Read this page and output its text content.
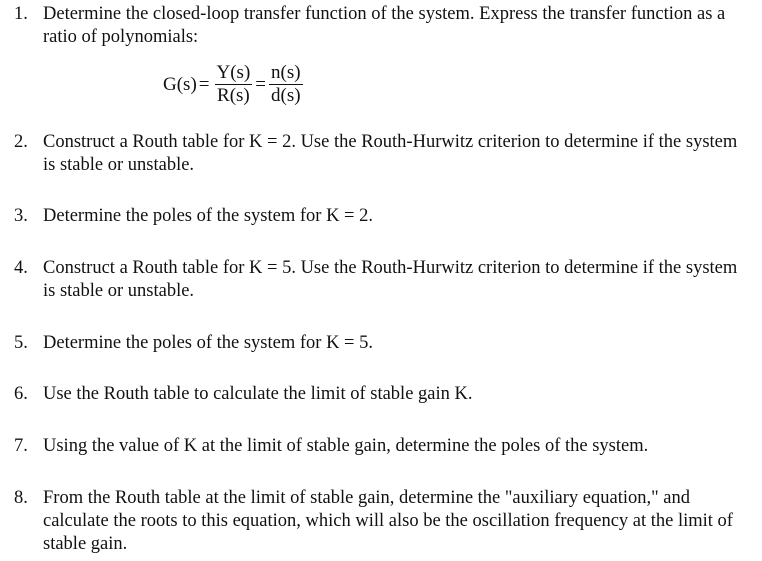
1. Determine the closed-loop transfer function of the system. Express the transfer function as a ratio of polynomials:
$G(s) = \frac{Y(s)}{R(s)} = \frac{n(s)}{d(s)}$
2. Construct a Routh table for K = 2. Use the Routh-Hurwitz criterion to determine if the system is stable or unstable.
3. Determine the poles of the system for K = 2.
4. Construct a Routh table for K = 5. Use the Routh-Hurwitz criterion to determine if the system is stable or unstable.
5. Determine the poles of the system for K = 5.
6. Use the Routh table to calculate the limit of stable gain K.
7. Using the value of K at the limit of stable gain, determine the poles of the system.
8. From the Routh table at the limit of stable gain, determine the "auxiliary equation," and calculate the roots to this equation, which will also be the oscillation frequency at the limit of stable gain.
